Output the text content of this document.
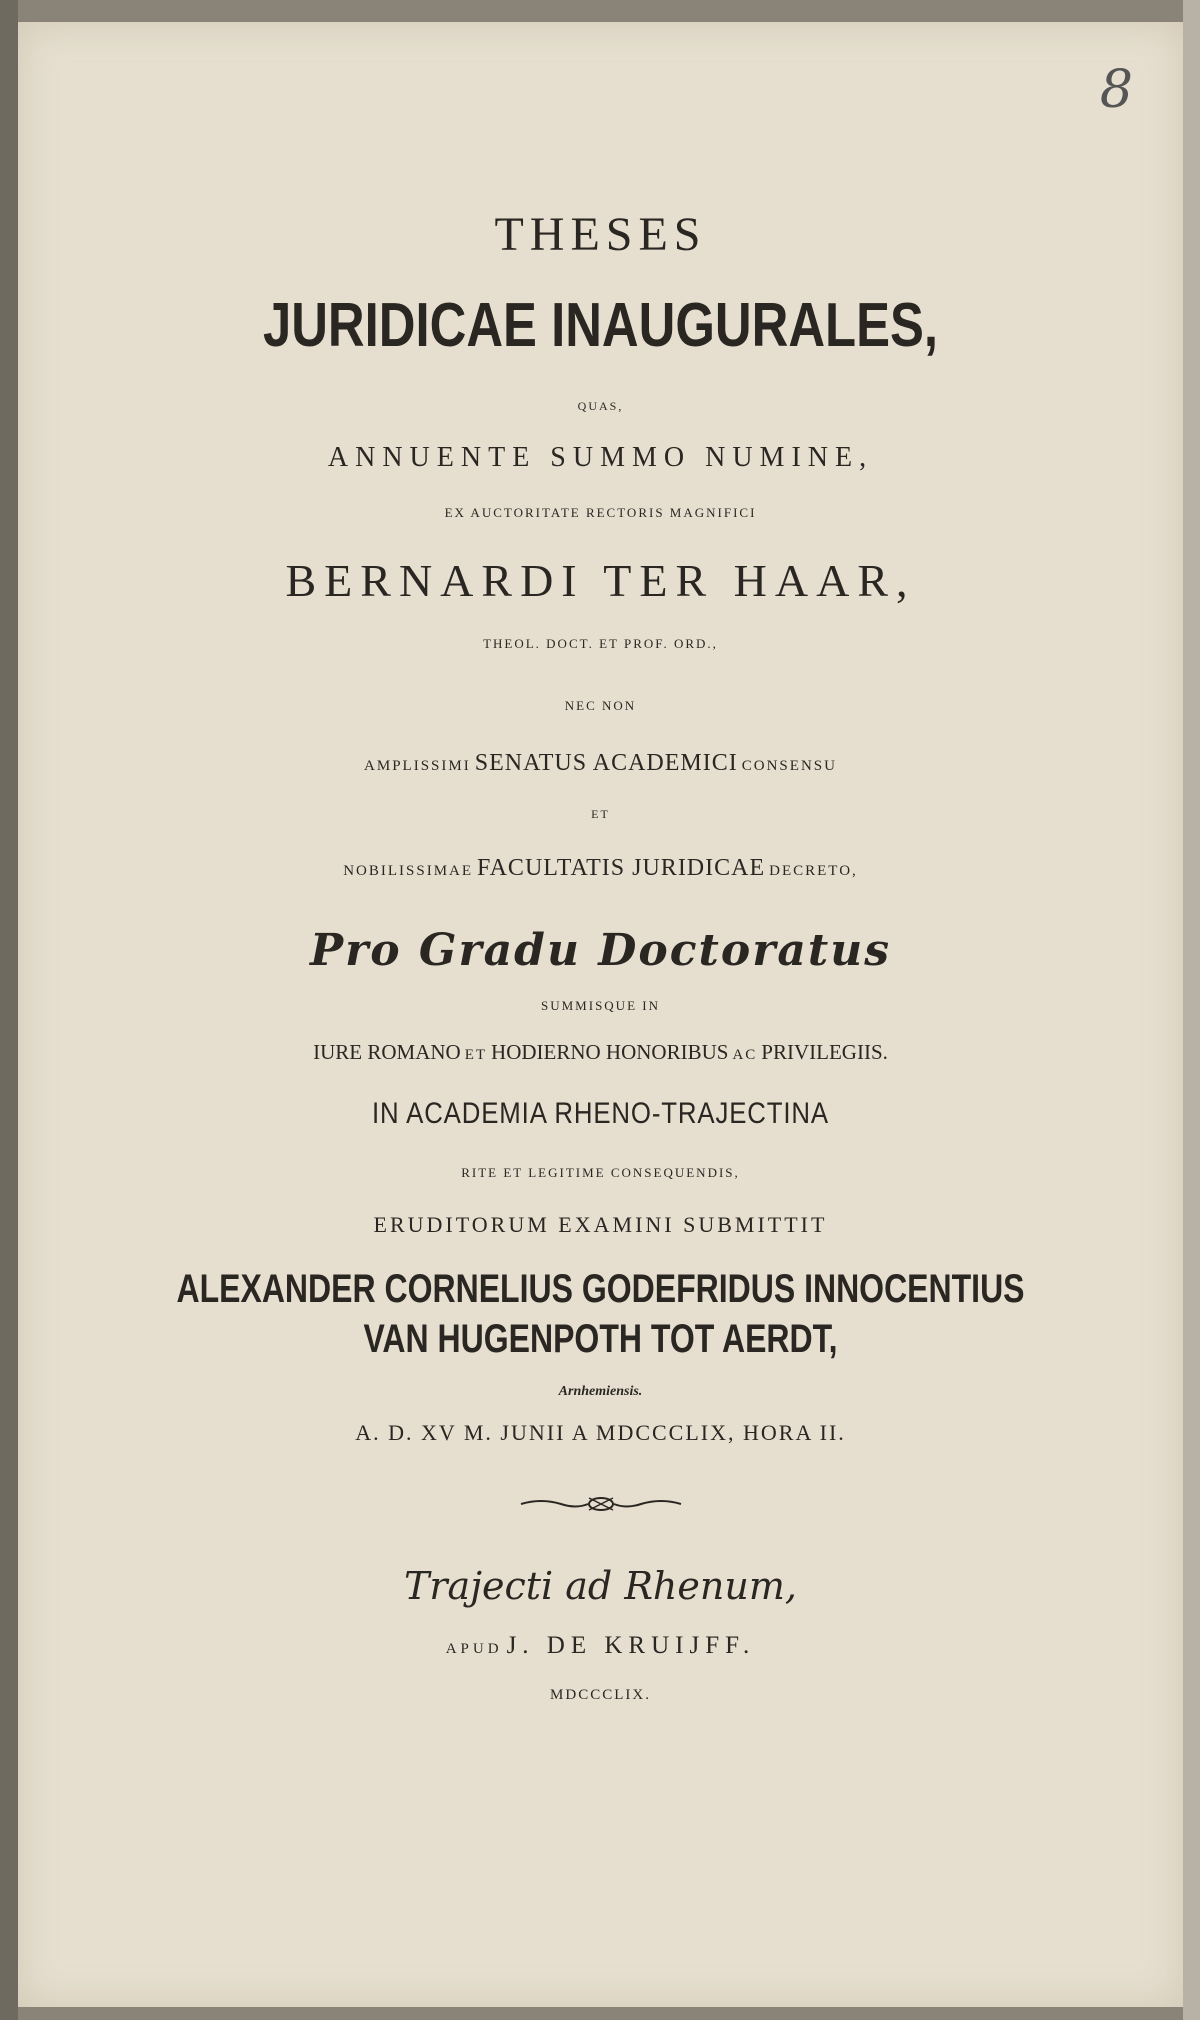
8
THESES
JURIDICAE INAUGURALES,
QUAS,
ANNUENTE SUMMO NUMINE,
EX AUCTORITATE RECTORIS MAGNIFICI
BERNARDI TER HAAR,
THEOL. DOCT. ET PROF. ORD.,
NEC NON
AMPLISSIMI SENATUS ACADEMICI CONSENSU
ET
NOBILISSIMAE FACULTATIS JURIDICAE DECRETO,
Pro Gradu Doctoratus
SUMMISQUE IN
IURE ROMANO ET HODIERNO HONORIBUS AC PRIVILEGIIS.
IN ACADEMIA RHENO-TRAJECTINA
RITE ET LEGITIME CONSEQUENDIS,
ERUDITORUM EXAMINI SUBMITTIT
ALEXANDER CORNELIUS GODEFRIDUS INNOCENTIUS
VAN HUGENPOTH TOT AERDT,
Arnhemiensis.
A. D. XV M. JUNII A MDCCCLIX, HORA II.
Trajecti ad Rhenum,
APUD J. DE KRUIJFF.
MDCCCLIX.
